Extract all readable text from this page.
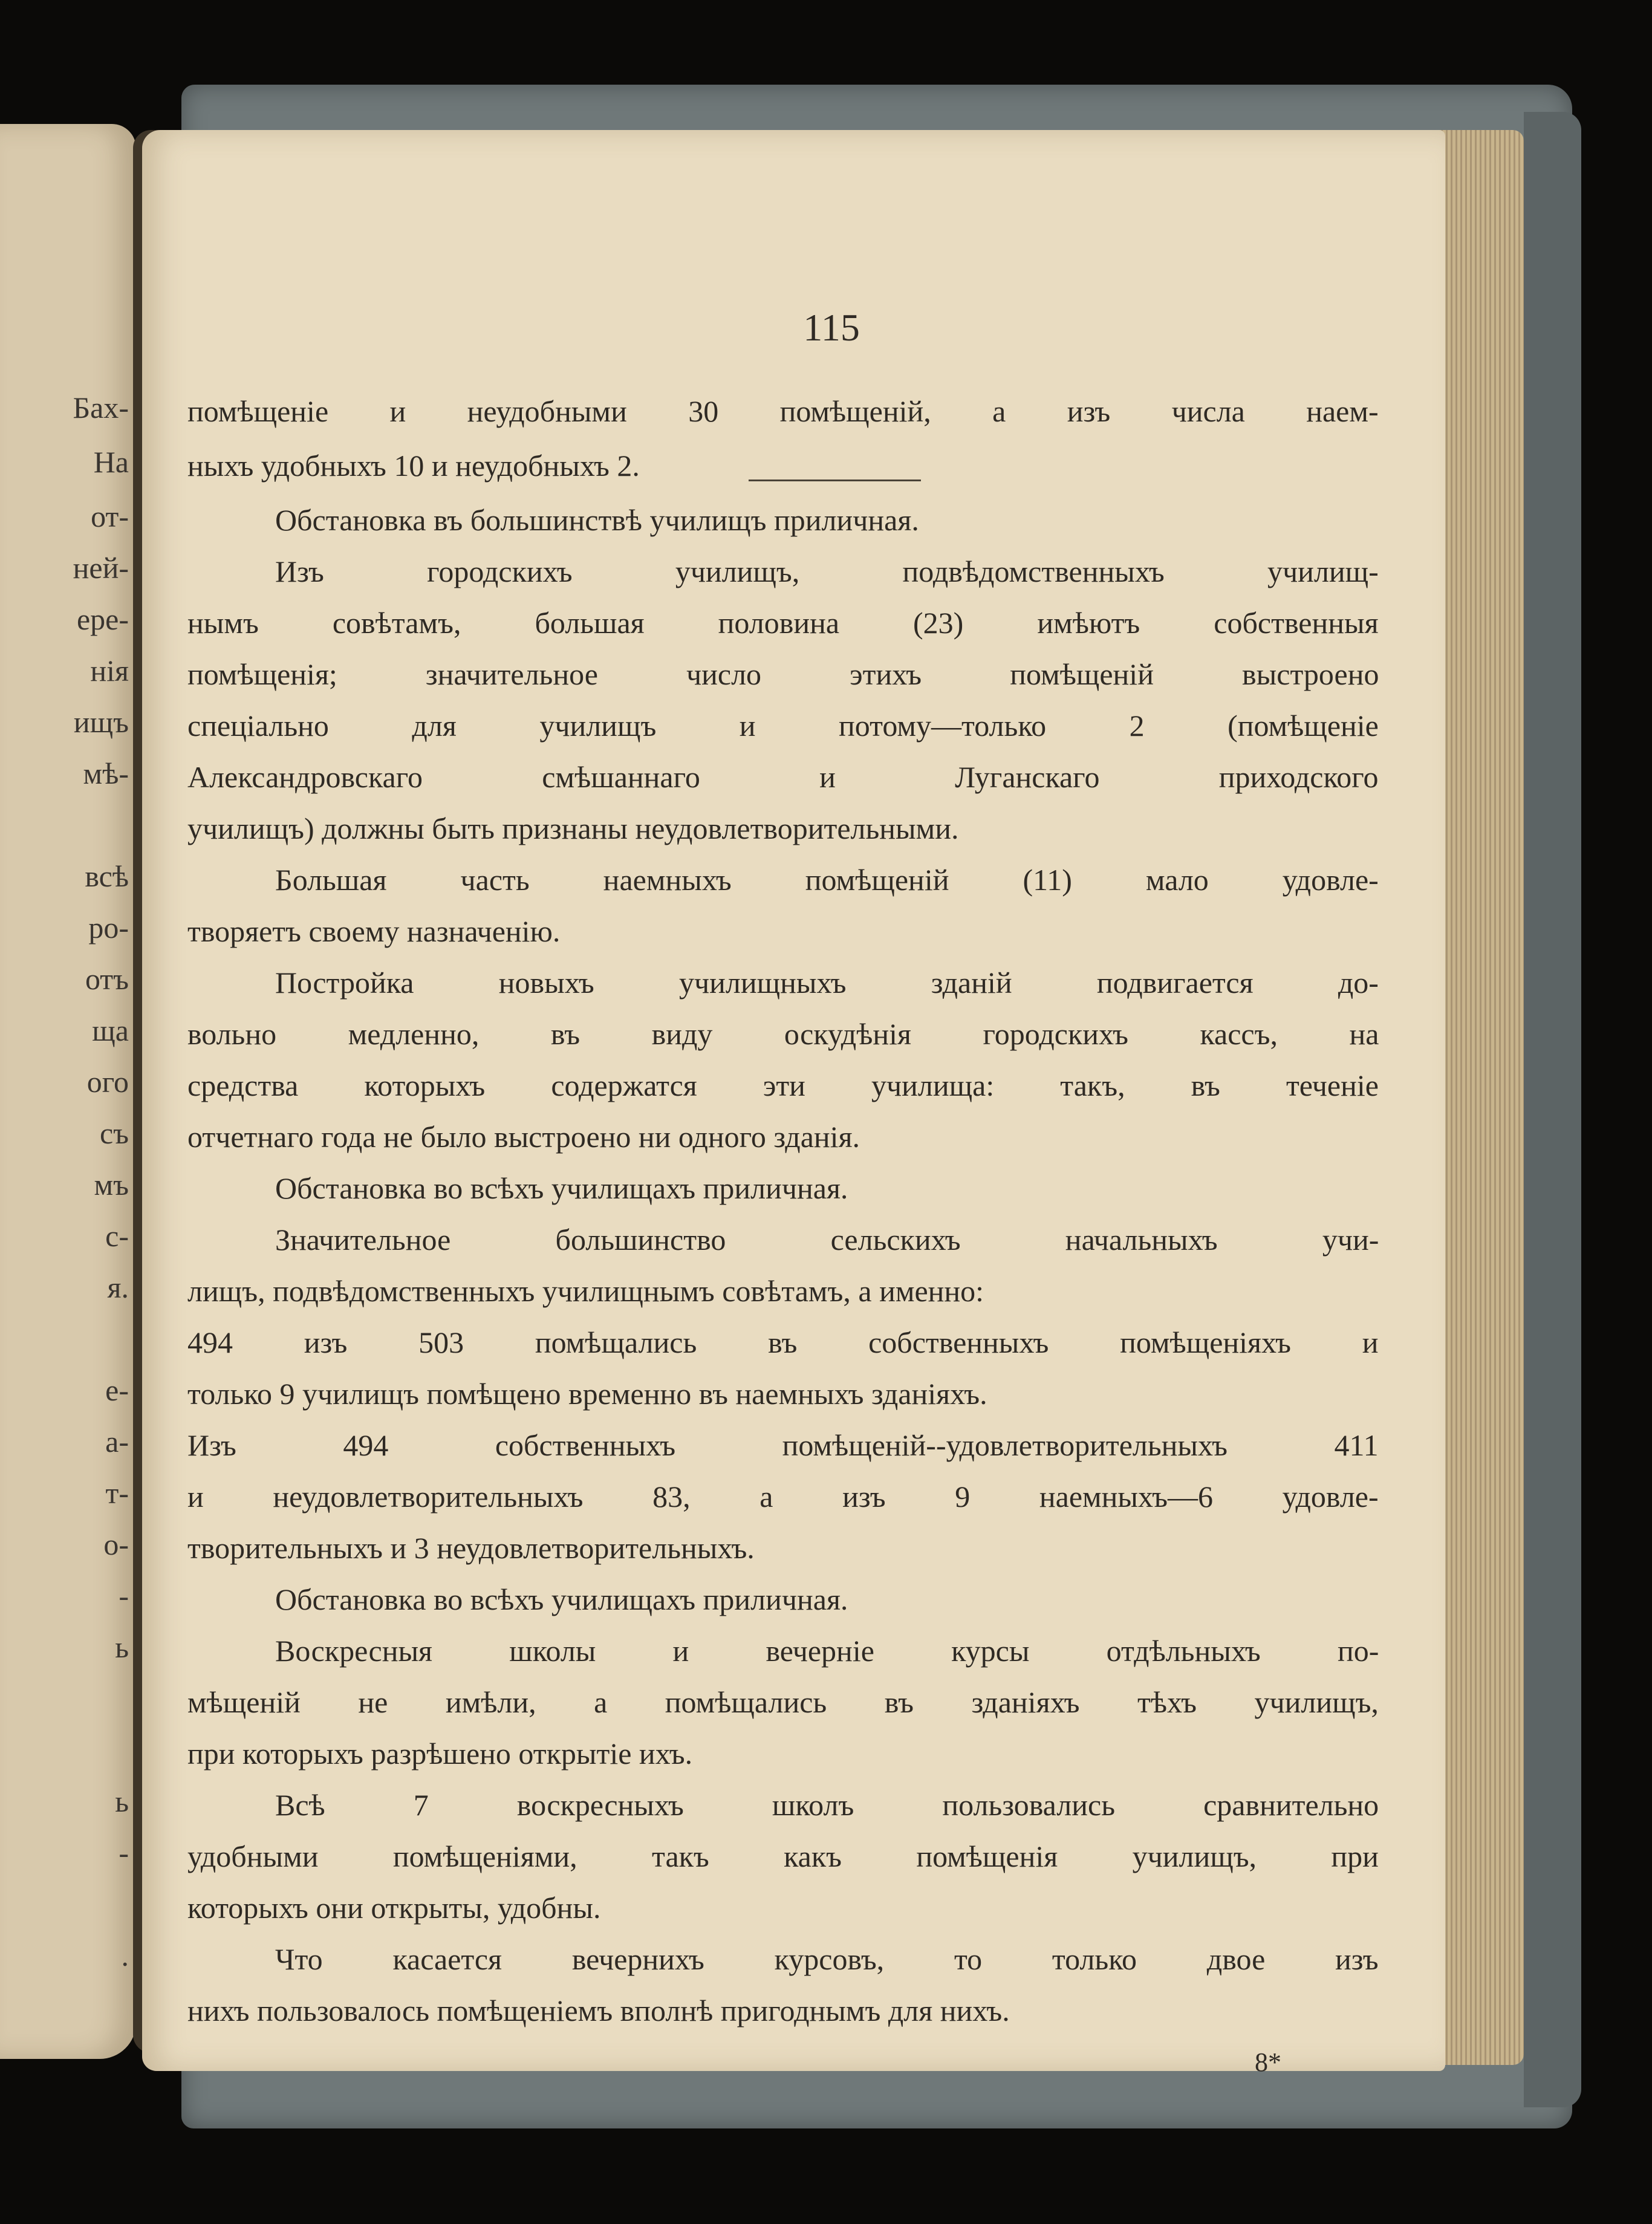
Бах-
На
от-
ней-
ере-
нія
ищъ
мѣ-
всѣ
ро-
отъ
ща
ого
съ
мъ
с-
я.
е-
а-
т-
о-
-
ь
ь
-
.
115
помѣщеніе и неудобными 30 помѣщеній, а изъ числа наем-
ныхъ удобныхъ 10 и неудобныхъ 2.
Обстановка въ большинствѣ училищъ приличная.
Изъ городскихъ училищъ, подвѣдомственныхъ училищ-
нымъ совѣтамъ, большая половина (23) имѣютъ собственныя
помѣщенія; значительное число этихъ помѣщеній выстроено
спеціально для училищъ и потому—только 2 (помѣщеніе
Александровскаго смѣшаннаго и Луганскаго приходского
училищъ) должны быть признаны неудовлетворительными.
Большая часть наемныхъ помѣщеній (11) мало удовле-
творяетъ своему назначенію.
Постройка новыхъ училищныхъ зданій подвигается до-
вольно медленно, въ виду оскудѣнія городскихъ кассъ, на
средства которыхъ содержатся эти училища: такъ, въ теченіе
отчетнаго года не было выстроено ни одного зданія.
Обстановка во всѣхъ училищахъ приличная.
Значительное большинство сельскихъ начальныхъ учи-
лищъ, подвѣдомственныхъ училищнымъ совѣтамъ, а именно:
494 изъ 503 помѣщались въ собственныхъ помѣщеніяхъ и
только 9 училищъ помѣщено временно въ наемныхъ зданіяхъ.
Изъ 494 собственныхъ помѣщеній--удовлетворительныхъ 411
и неудовлетворительныхъ 83, а изъ 9 наемныхъ—6 удовле-
творительныхъ и 3 неудовлетворительныхъ.
Обстановка во всѣхъ училищахъ приличная.
Воскресныя школы и вечерніе курсы отдѣльныхъ по-
мѣщеній не имѣли, а помѣщались въ зданіяхъ тѣхъ училищъ,
при которыхъ разрѣшено открытіе ихъ.
Всѣ 7 воскресныхъ школъ пользовались сравнительно
удобными помѣщеніями, такъ какъ помѣщенія училищъ, при
которыхъ они открыты, удобны.
Что касается вечернихъ курсовъ, то только двое изъ
нихъ пользовалось помѣщеніемъ вполнѣ пригоднымъ для нихъ.
8*
